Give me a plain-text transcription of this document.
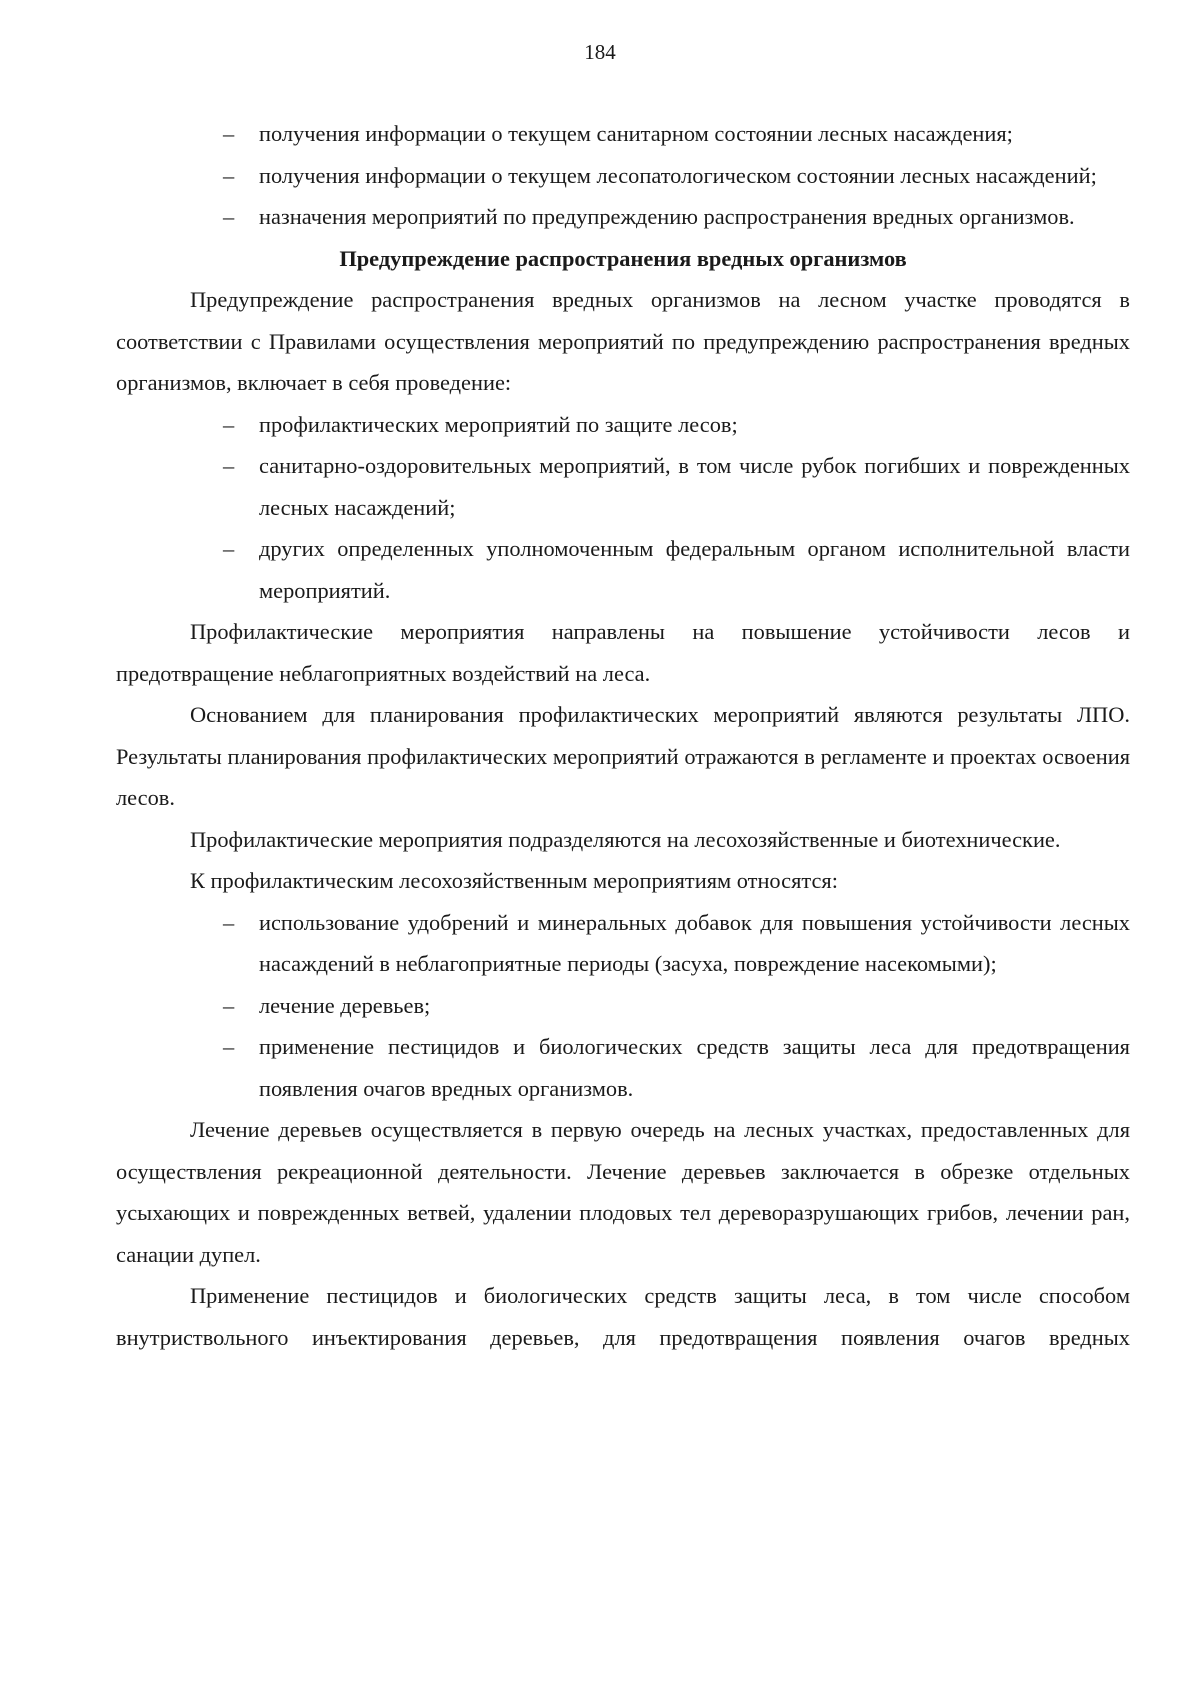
184
–	получения информации о текущем санитарном состоянии лесных насаждения;
–	получения информации о текущем лесопатологическом состоянии лесных насаждений;
–	назначения мероприятий по предупреждению распространения вредных организмов.

Предупреждение распространения вредных организмов

Предупреждение распространения вредных организмов на лесном участке проводятся в соответствии с Правилами осуществления мероприятий по предупреждению распространения вредных организмов, включает в себя проведение:

–	профилактических мероприятий по защите лесов;
–	санитарно-оздоровительных мероприятий, в том числе рубок погибших и поврежденных лесных насаждений;
–	других определенных уполномоченным федеральным органом исполнительной власти мероприятий.

Профилактические мероприятия направлены на повышение устойчивости лесов и предотвращение неблагоприятных воздействий на леса.

Основанием для планирования профилактических мероприятий являются результаты ЛПО. Результаты планирования профилактических мероприятий отражаются в регламенте и проектах освоения лесов.

Профилактические мероприятия подразделяются на лесохозяйственные и биотехнические.

К профилактическим лесохозяйственным мероприятиям относятся:

–	использование удобрений и минеральных добавок для повышения устойчивости лесных насаждений в неблагоприятные периоды (засуха, повреждение насекомыми);
–	лечение деревьев;
–	применение пестицидов и биологических средств защиты леса для предотвращения появления очагов вредных организмов.

Лечение деревьев осуществляется в первую очередь на лесных участках, предоставленных для осуществления рекреационной деятельности. Лечение деревьев заключается в обрезке отдельных усыхающих и поврежденных ветвей, удалении плодовых тел дереворазрушающих грибов, лечении ран, санации дупел.

Применение пестицидов и биологических средств защиты леса, в том числе способом внутриствольного инъектирования деревьев, для предотвращения появления очагов вредных
